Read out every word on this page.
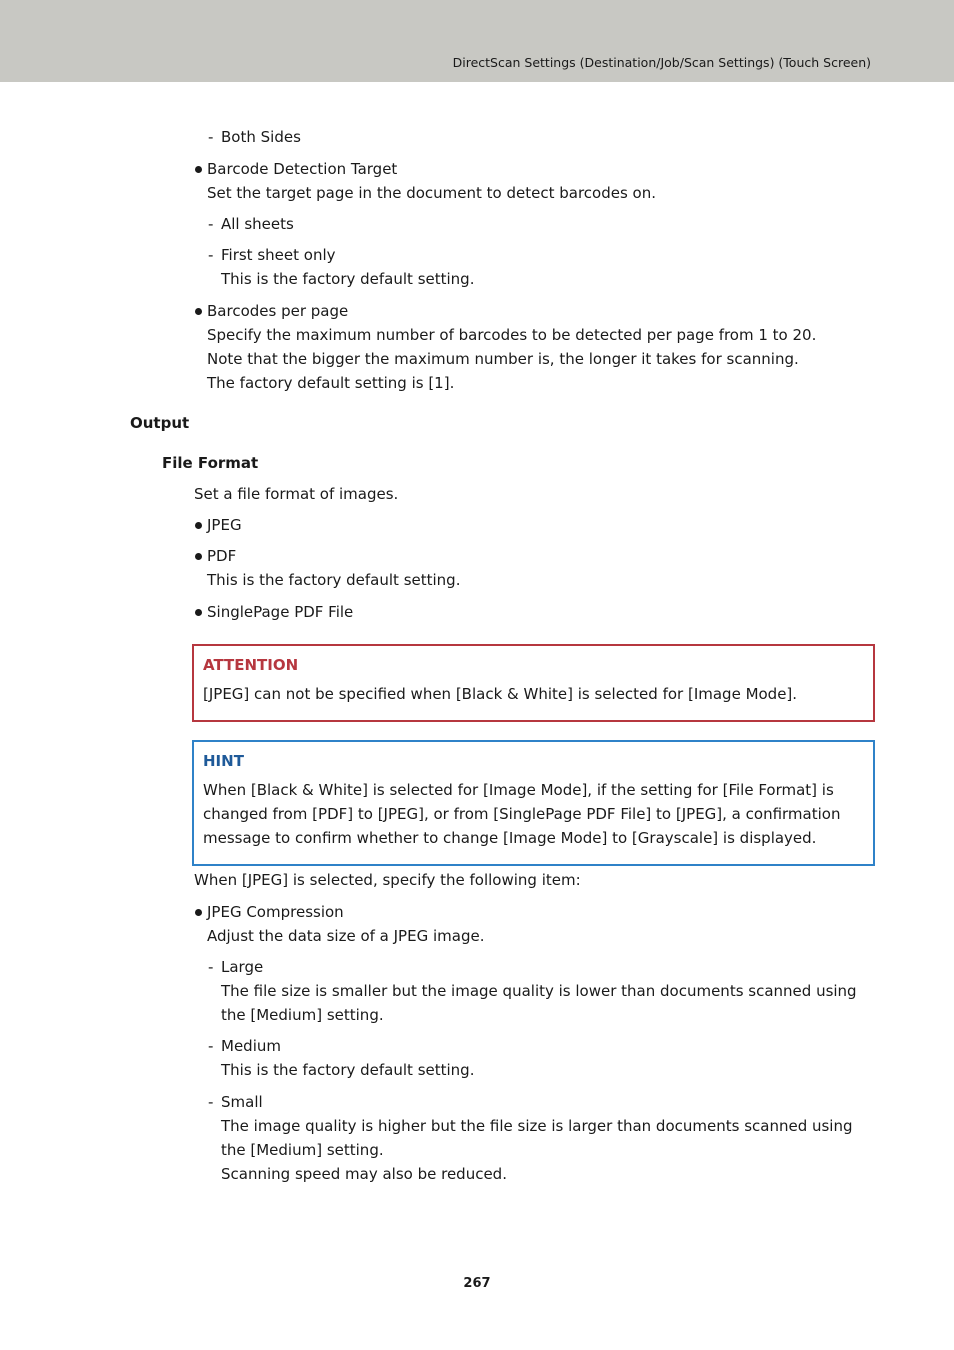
DirectScan Settings (Destination/Job/Scan Settings) (Touch Screen)
- Both Sides
Barcode Detection Target
Set the target page in the document to detect barcodes on.
- All sheets
- First sheet only
This is the factory default setting.
Barcodes per page
Specify the maximum number of barcodes to be detected per page from 1 to 20.
Note that the bigger the maximum number is, the longer it takes for scanning.
The factory default setting is [1].
Output
File Format
Set a file format of images.
JPEG
PDF
This is the factory default setting.
SinglePage PDF File
ATTENTION
[JPEG] can not be specified when [Black & White] is selected for [Image Mode].
HINT
When [Black & White] is selected for [Image Mode], if the setting for [File Format] is
changed from [PDF] to [JPEG], or from [SinglePage PDF File] to [JPEG], a confirmation
message to confirm whether to change [Image Mode] to [Grayscale] is displayed.
When [JPEG] is selected, specify the following item:
JPEG Compression
Adjust the data size of a JPEG image.
- Large
The file size is smaller but the image quality is lower than documents scanned using
the [Medium] setting.
- Medium
This is the factory default setting.
- Small
The image quality is higher but the file size is larger than documents scanned using
the [Medium] setting.
Scanning speed may also be reduced.
267
